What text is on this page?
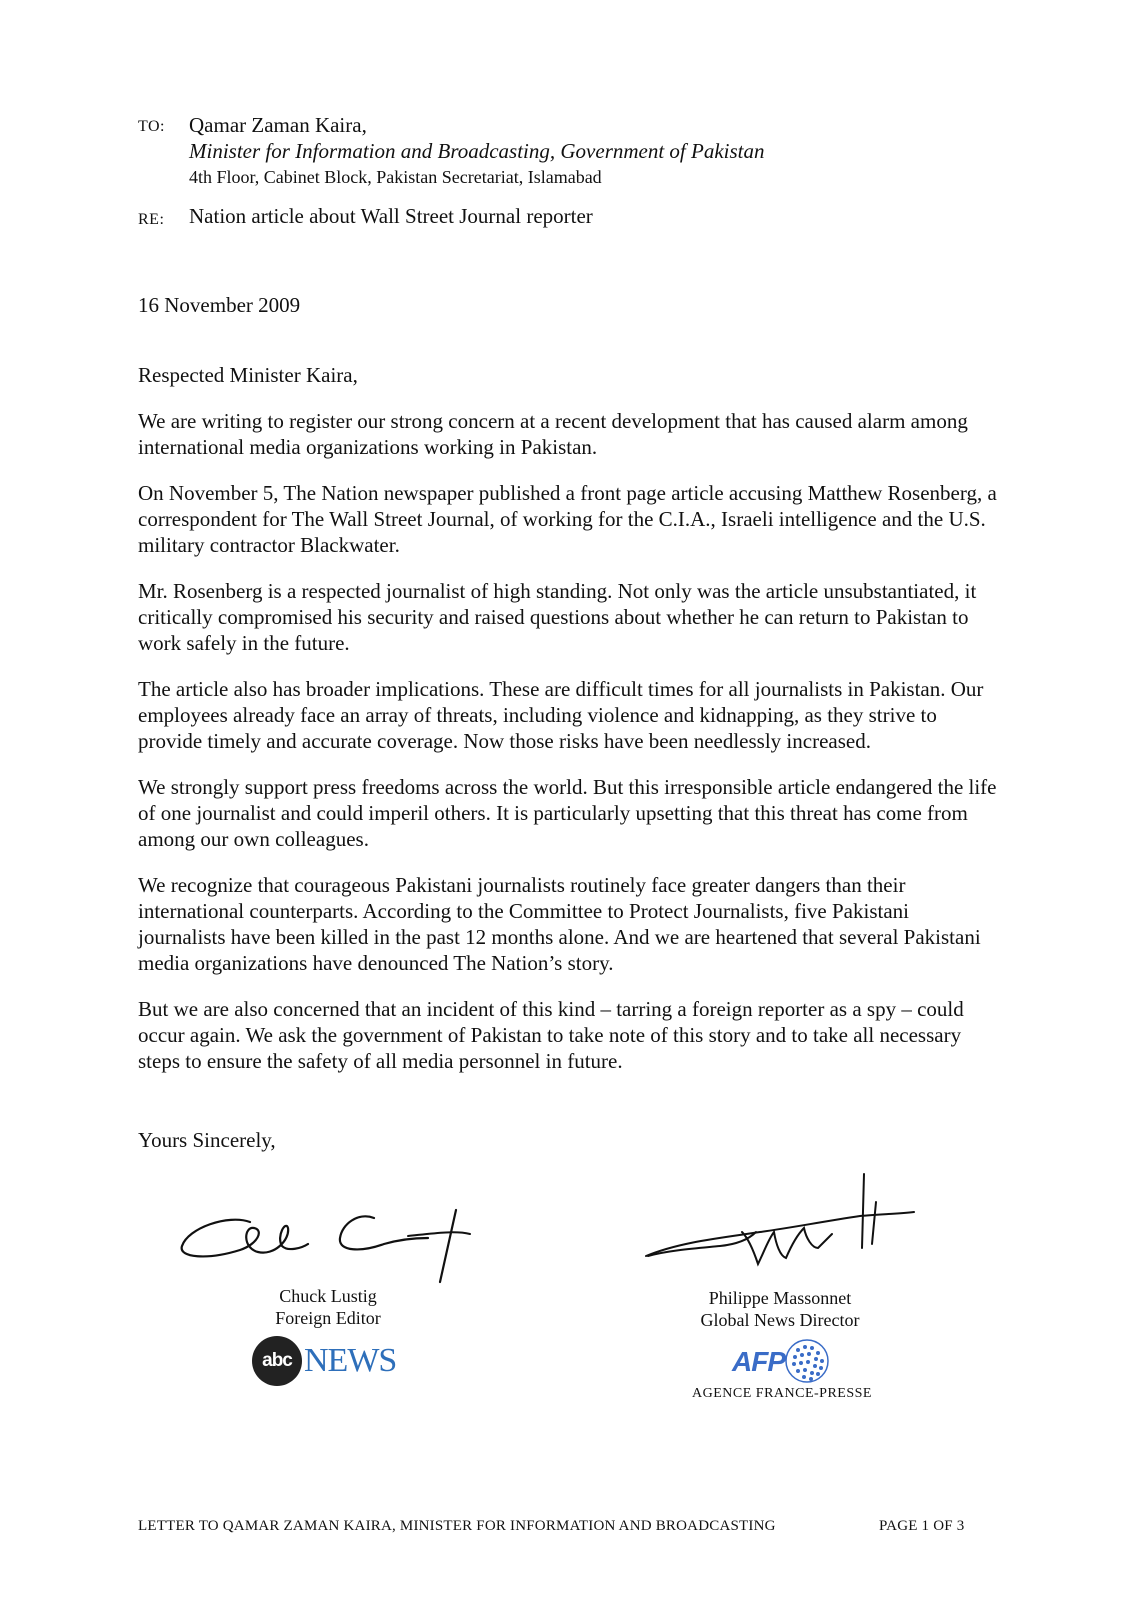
TO: Qamar Zaman Kaira,
Minister for Information and Broadcasting, Government of Pakistan
4th Floor, Cabinet Block, Pakistan Secretariat, Islamabad
RE: Nation article about Wall Street Journal reporter
16 November 2009

Respected Minister Kaira,

We are writing to register our strong concern at a recent development that has caused alarm among international media organizations working in Pakistan.

On November 5, The Nation newspaper published a front page article accusing Matthew Rosenberg, a correspondent for The Wall Street Journal, of working for the C.I.A., Israeli intelligence and the U.S. military contractor Blackwater.

Mr. Rosenberg is a respected journalist of high standing. Not only was the article unsubstantiated, it critically compromised his security and raised questions about whether he can return to Pakistan to work safely in the future.

The article also has broader implications. These are difficult times for all journalists in Pakistan. Our employees already face an array of threats, including violence and kidnapping, as they strive to provide timely and accurate coverage. Now those risks have been needlessly increased.

We strongly support press freedoms across the world. But this irresponsible article endangered the life of one journalist and could imperil others. It is particularly upsetting that this threat has come from among our own colleagues.

We recognize that courageous Pakistani journalists routinely face greater dangers than their international counterparts. According to the Committee to Protect Journalists, five Pakistani journalists have been killed in the past 12 months alone. And we are heartened that several Pakistani media organizations have denounced The Nation’s story.

But we are also concerned that an incident of this kind – tarring a foreign reporter as a spy – could occur again. We ask the government of Pakistan to take note of this story and to take all necessary steps to ensure the safety of all media personnel in future.

Yours Sincerely,
Chuck Lustig
Foreign Editor
abc NEWS
Philippe Massonnet
Global News Director
AFP
AGENCE FRANCE-PRESSE
LETTER TO QAMAR ZAMAN KAIRA, MINISTER FOR INFORMATION AND BROADCASTING	PAGE 1 OF 3
